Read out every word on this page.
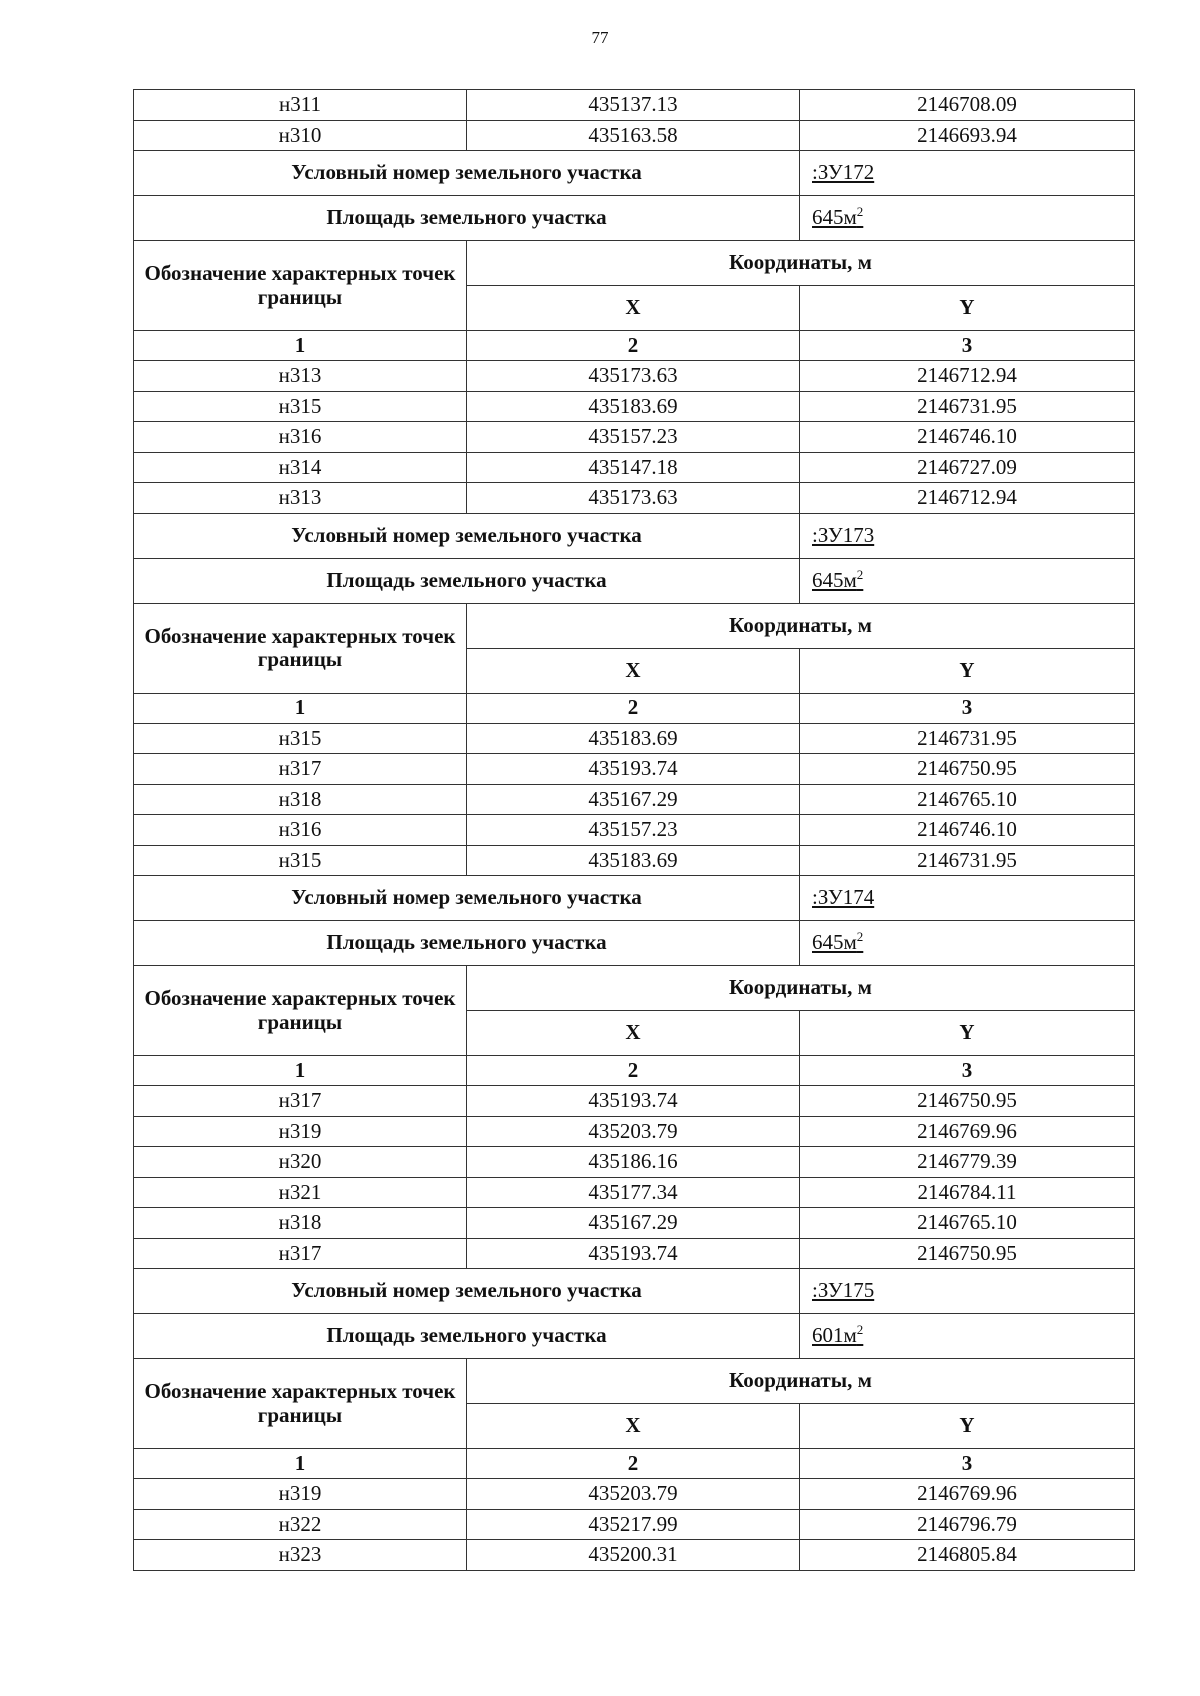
77
н311	435137.13	2146708.09
н310	435163.58	2146693.94
Условный номер земельного участка		:ЗУ172
Площадь земельного участка		$645м^2$
Обозначение характерных точек границы	Координаты, м	
	X	Y
1	2	3
н313	435173.63	2146712.94
н315	435183.69	2146731.95
н316	435157.23	2146746.10
н314	435147.18	2146727.09
н313	435173.63	2146712.94
Условный номер земельного участка		:ЗУ173
Площадь земельного участка		$645м^2$
Обозначение характерных точек границы	Координаты, м	
	X	Y
1	2	3
н315	435183.69	2146731.95
н317	435193.74	2146750.95
н318	435167.29	2146765.10
н316	435157.23	2146746.10
н315	435183.69	2146731.95
Условный номер земельного участка		:ЗУ174
Площадь земельного участка		$645м^2$
Обозначение характерных точек границы	Координаты, м	
	X	Y
1	2	3
н317	435193.74	2146750.95
н319	435203.79	2146769.96
н320	435186.16	2146779.39
н321	435177.34	2146784.11
н318	435167.29	2146765.10
н317	435193.74	2146750.95
Условный номер земельного участка		:ЗУ175
Площадь земельного участка		$601м^2$
Обозначение характерных точек границы	Координаты, м	
	X	Y
1	2	3
н319	435203.79	2146769.96
н322	435217.99	2146796.79
н323	435200.31	2146805.84
